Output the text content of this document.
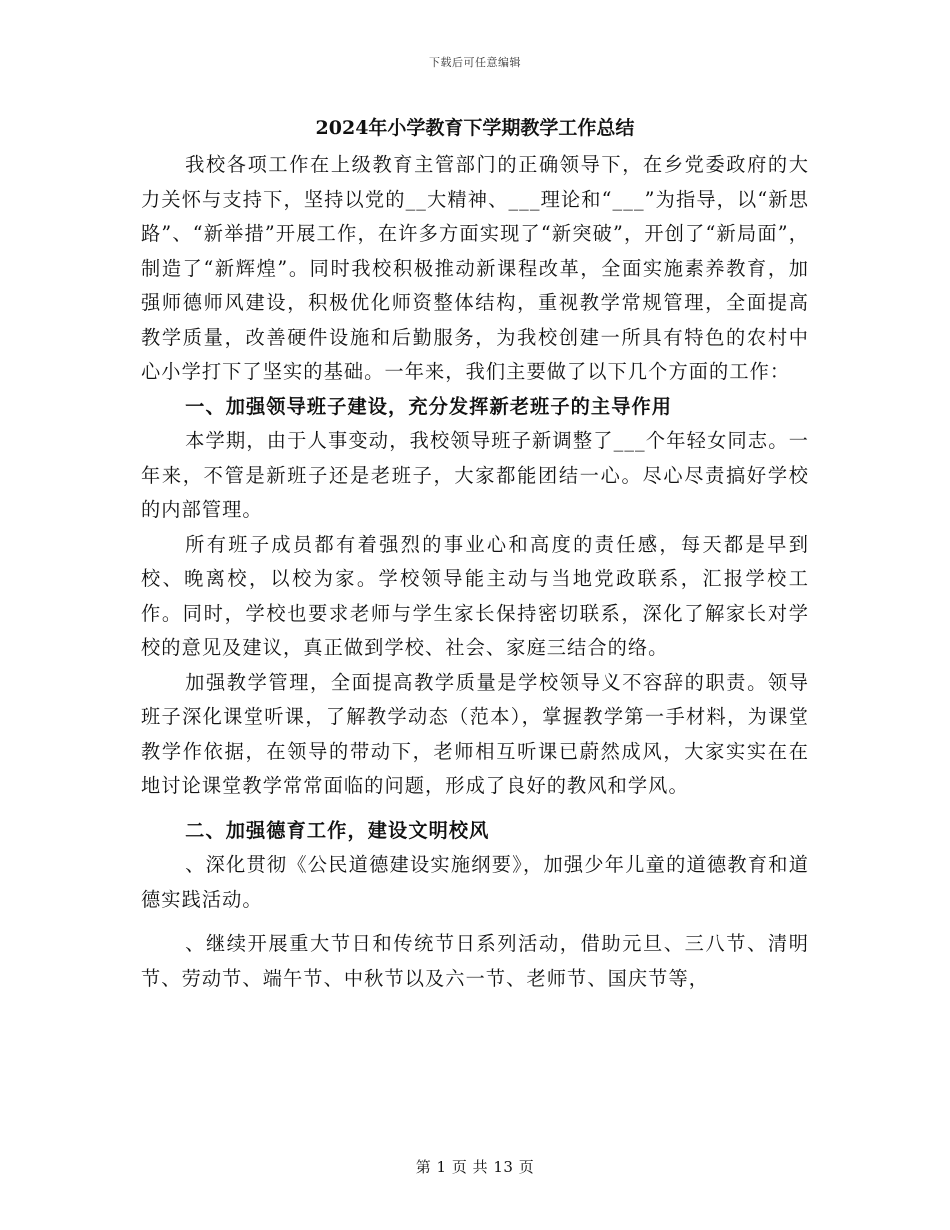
下载后可任意编辑
2024年小学教育下学期教学工作总结

我校各项工作在上级教育主管部门的正确领导下，在乡党委政府的大力关怀与支持下，坚持以党的__大精神、___理论和“___”为指导，以“新思路”、“新举措”开展工作，在许多方面实现了“新突破”，开创了“新局面”，制造了“新辉煌”。同时我校积极推动新课程改革，全面实施素养教育，加强师德师风建设，积极优化师资整体结构，重视教学常规管理，全面提高教学质量，改善硬件设施和后勤服务，为我校创建一所具有特色的农村中心小学打下了坚实的基础。一年来，我们主要做了以下几个方面的工作：

一、加强领导班子建设，充分发挥新老班子的主导作用

本学期，由于人事变动，我校领导班子新调整了___个年轻女同志。一年来，不管是新班子还是老班子，大家都能团结一心。尽心尽责搞好学校的内部管理。

所有班子成员都有着强烈的事业心和高度的责任感，每天都是早到校、晚离校，以校为家。学校领导能主动与当地党政联系，汇报学校工作。同时，学校也要求老师与学生家长保持密切联系，深化了解家长对学校的意见及建议，真正做到学校、社会、家庭三结合的络。

加强教学管理，全面提高教学质量是学校领导义不容辞的职责。领导班子深化课堂听课，了解教学动态（范本），掌握教学第一手材料，为课堂教学作依据，在领导的带动下，老师相互听课已蔚然成风，大家实实在在地讨论课堂教学常常面临的问题，形成了良好的教风和学风。

二、加强德育工作，建设文明校风

、深化贯彻《公民道德建设实施纲要》，加强少年儿童的道德教育和道德实践活动。

、继续开展重大节日和传统节日系列活动，借助元旦、三八节、清明节、劳动节、端午节、中秋节以及六一节、老师节、国庆节等，

第 1 页 共 13 页
